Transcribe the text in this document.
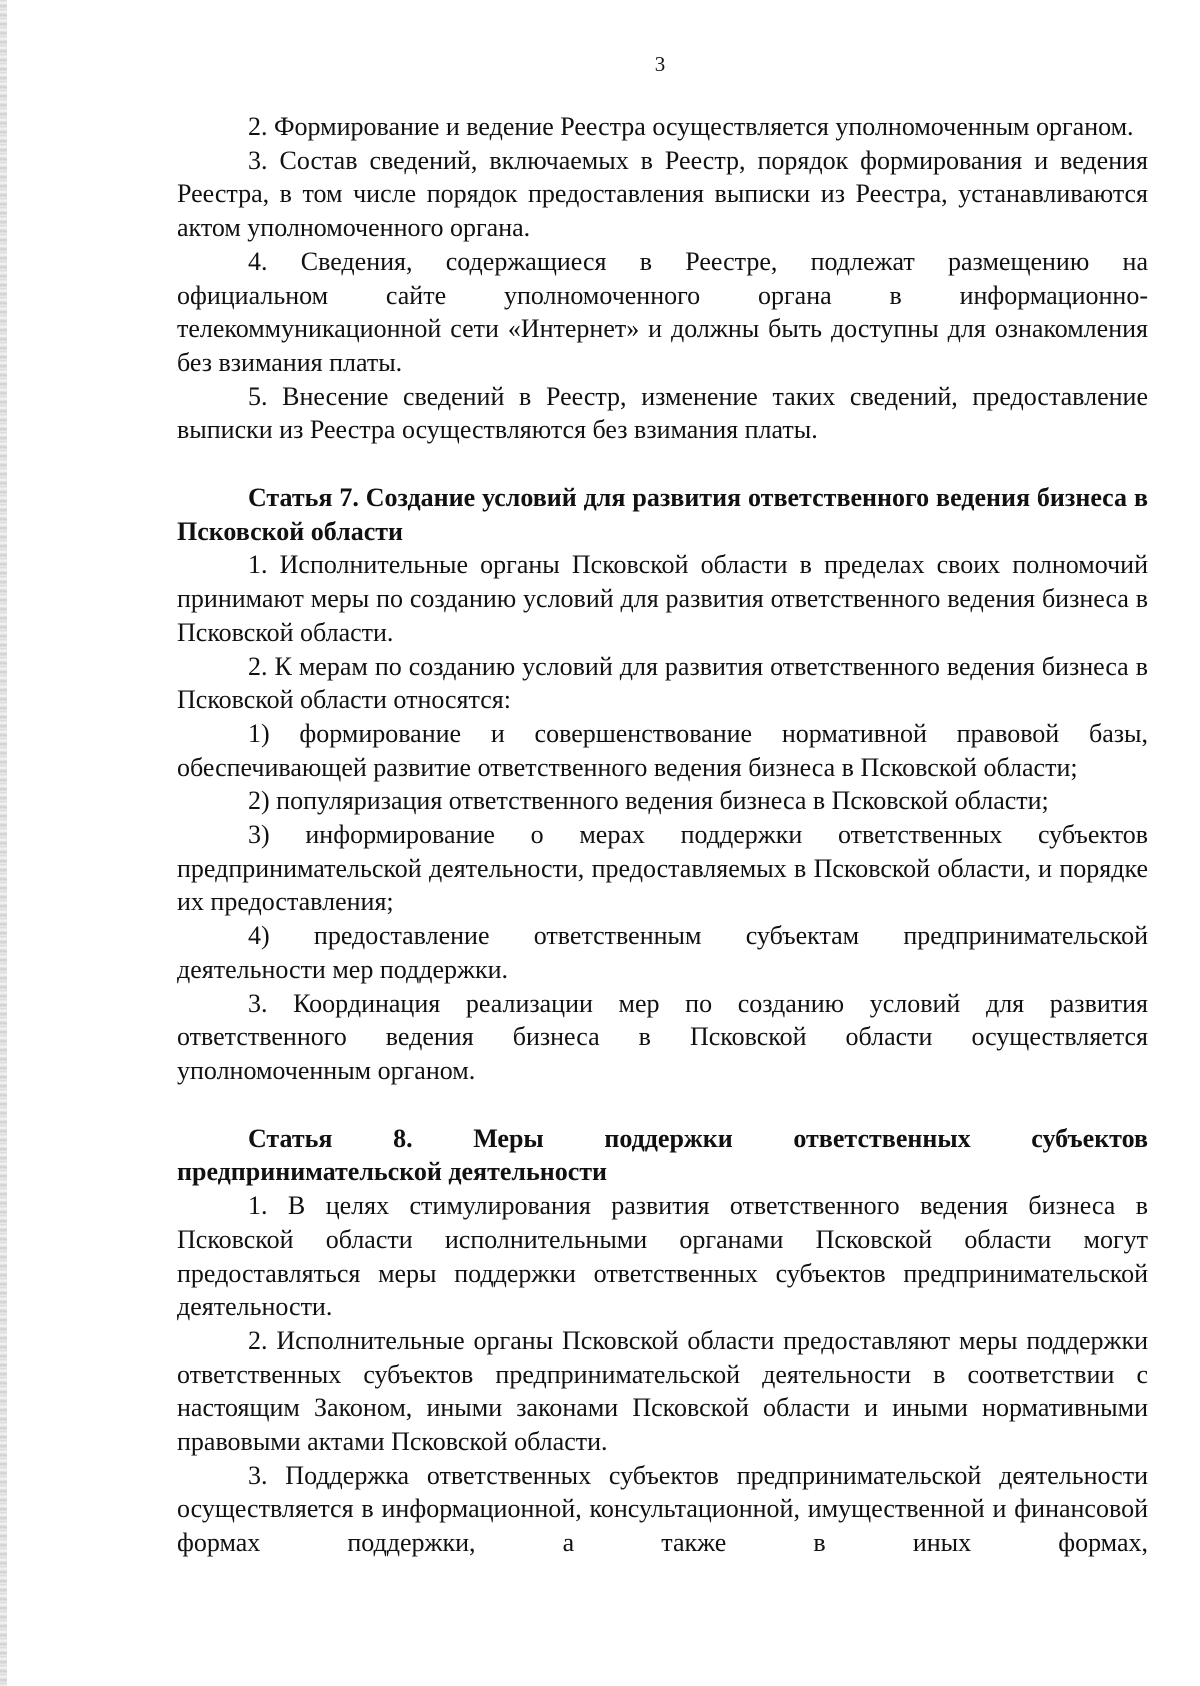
3

2. Формирование и ведение Реестра осуществляется уполномоченным органом.

3. Состав сведений, включаемых в Реестр, порядок формирования и ведения Реестра, в том числе порядок предоставления выписки из Реестра, устанавливаются актом уполномоченного органа.

4. Сведения, содержащиеся в Реестре, подлежат размещению на

официальном сайте уполномоченного органа в информационно-телекоммуникационной сети «Интернет» и должны быть доступны для ознакомления без взимания платы.

5. Внесение сведений в Реестр, изменение таких сведений, предоставление выписки из Реестра осуществляются без взимания платы.

Статья 7. Создание условий для развития ответственного ведения бизнеса в Псковской области

1. Исполнительные органы Псковской области в пределах своих полномочий принимают меры по созданию условий для развития ответственного ведения бизнеса в Псковской области.

2. К мерам по созданию условий для развития ответственного ведения бизнеса в Псковской области относятся:

1) формирование и совершенствование нормативной правовой базы, обеспечивающей развитие ответственного ведения бизнеса в Псковской области;

2) популяризация ответственного ведения бизнеса в Псковской области;

3) информирование о мерах поддержки ответственных субъектов предпринимательской деятельности, предоставляемых в Псковской области, и порядке их предоставления;

4) предоставление ответственным субъектам предпринимательской деятельности мер поддержки.

3. Координация реализации мер по созданию условий для развития ответственного ведения бизнеса в Псковской области осуществляется уполномоченным органом.

Статья 8. Меры поддержки ответственных субъектов предпринимательской деятельности

1. В целях стимулирования развития ответственного ведения бизнеса в Псковской области исполнительными органами Псковской области могут предоставляться меры поддержки ответственных субъектов предпринимательской деятельности.

2. Исполнительные органы Псковской области предоставляют меры поддержки ответственных субъектов предпринимательской деятельности в соответствии с настоящим Законом, иными законами Псковской области и иными нормативными правовыми актами Псковской области.

3. Поддержка ответственных субъектов предпринимательской деятельности осуществляется в информационной, консультационной, имущественной и финансовой формах поддержки, а также в иных формах,
